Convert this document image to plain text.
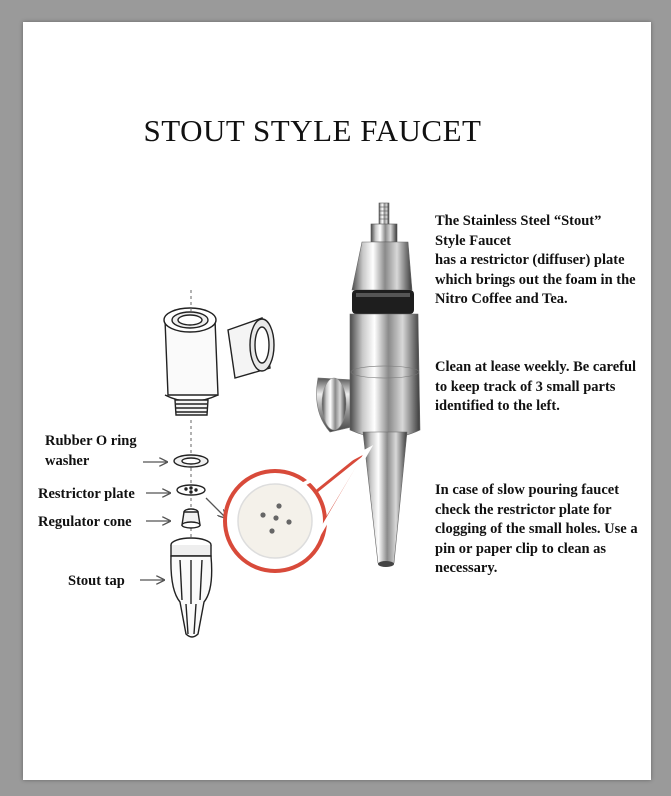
STOUT STYLE FAUCET
Rubber O ring
washer
Restrictor plate
Regulator cone
Stout tap
The Stainless Steel “Stout”
Style Faucet
has a restrictor (diffuser) plate which brings out the foam in the Nitro Coffee and Tea.
Clean at lease weekly. Be careful to keep track of 3 small parts identified to the left.
In case of slow pouring faucet check the restrictor plate for clogging of the small holes. Use a pin or paper clip to clean as necessary.
